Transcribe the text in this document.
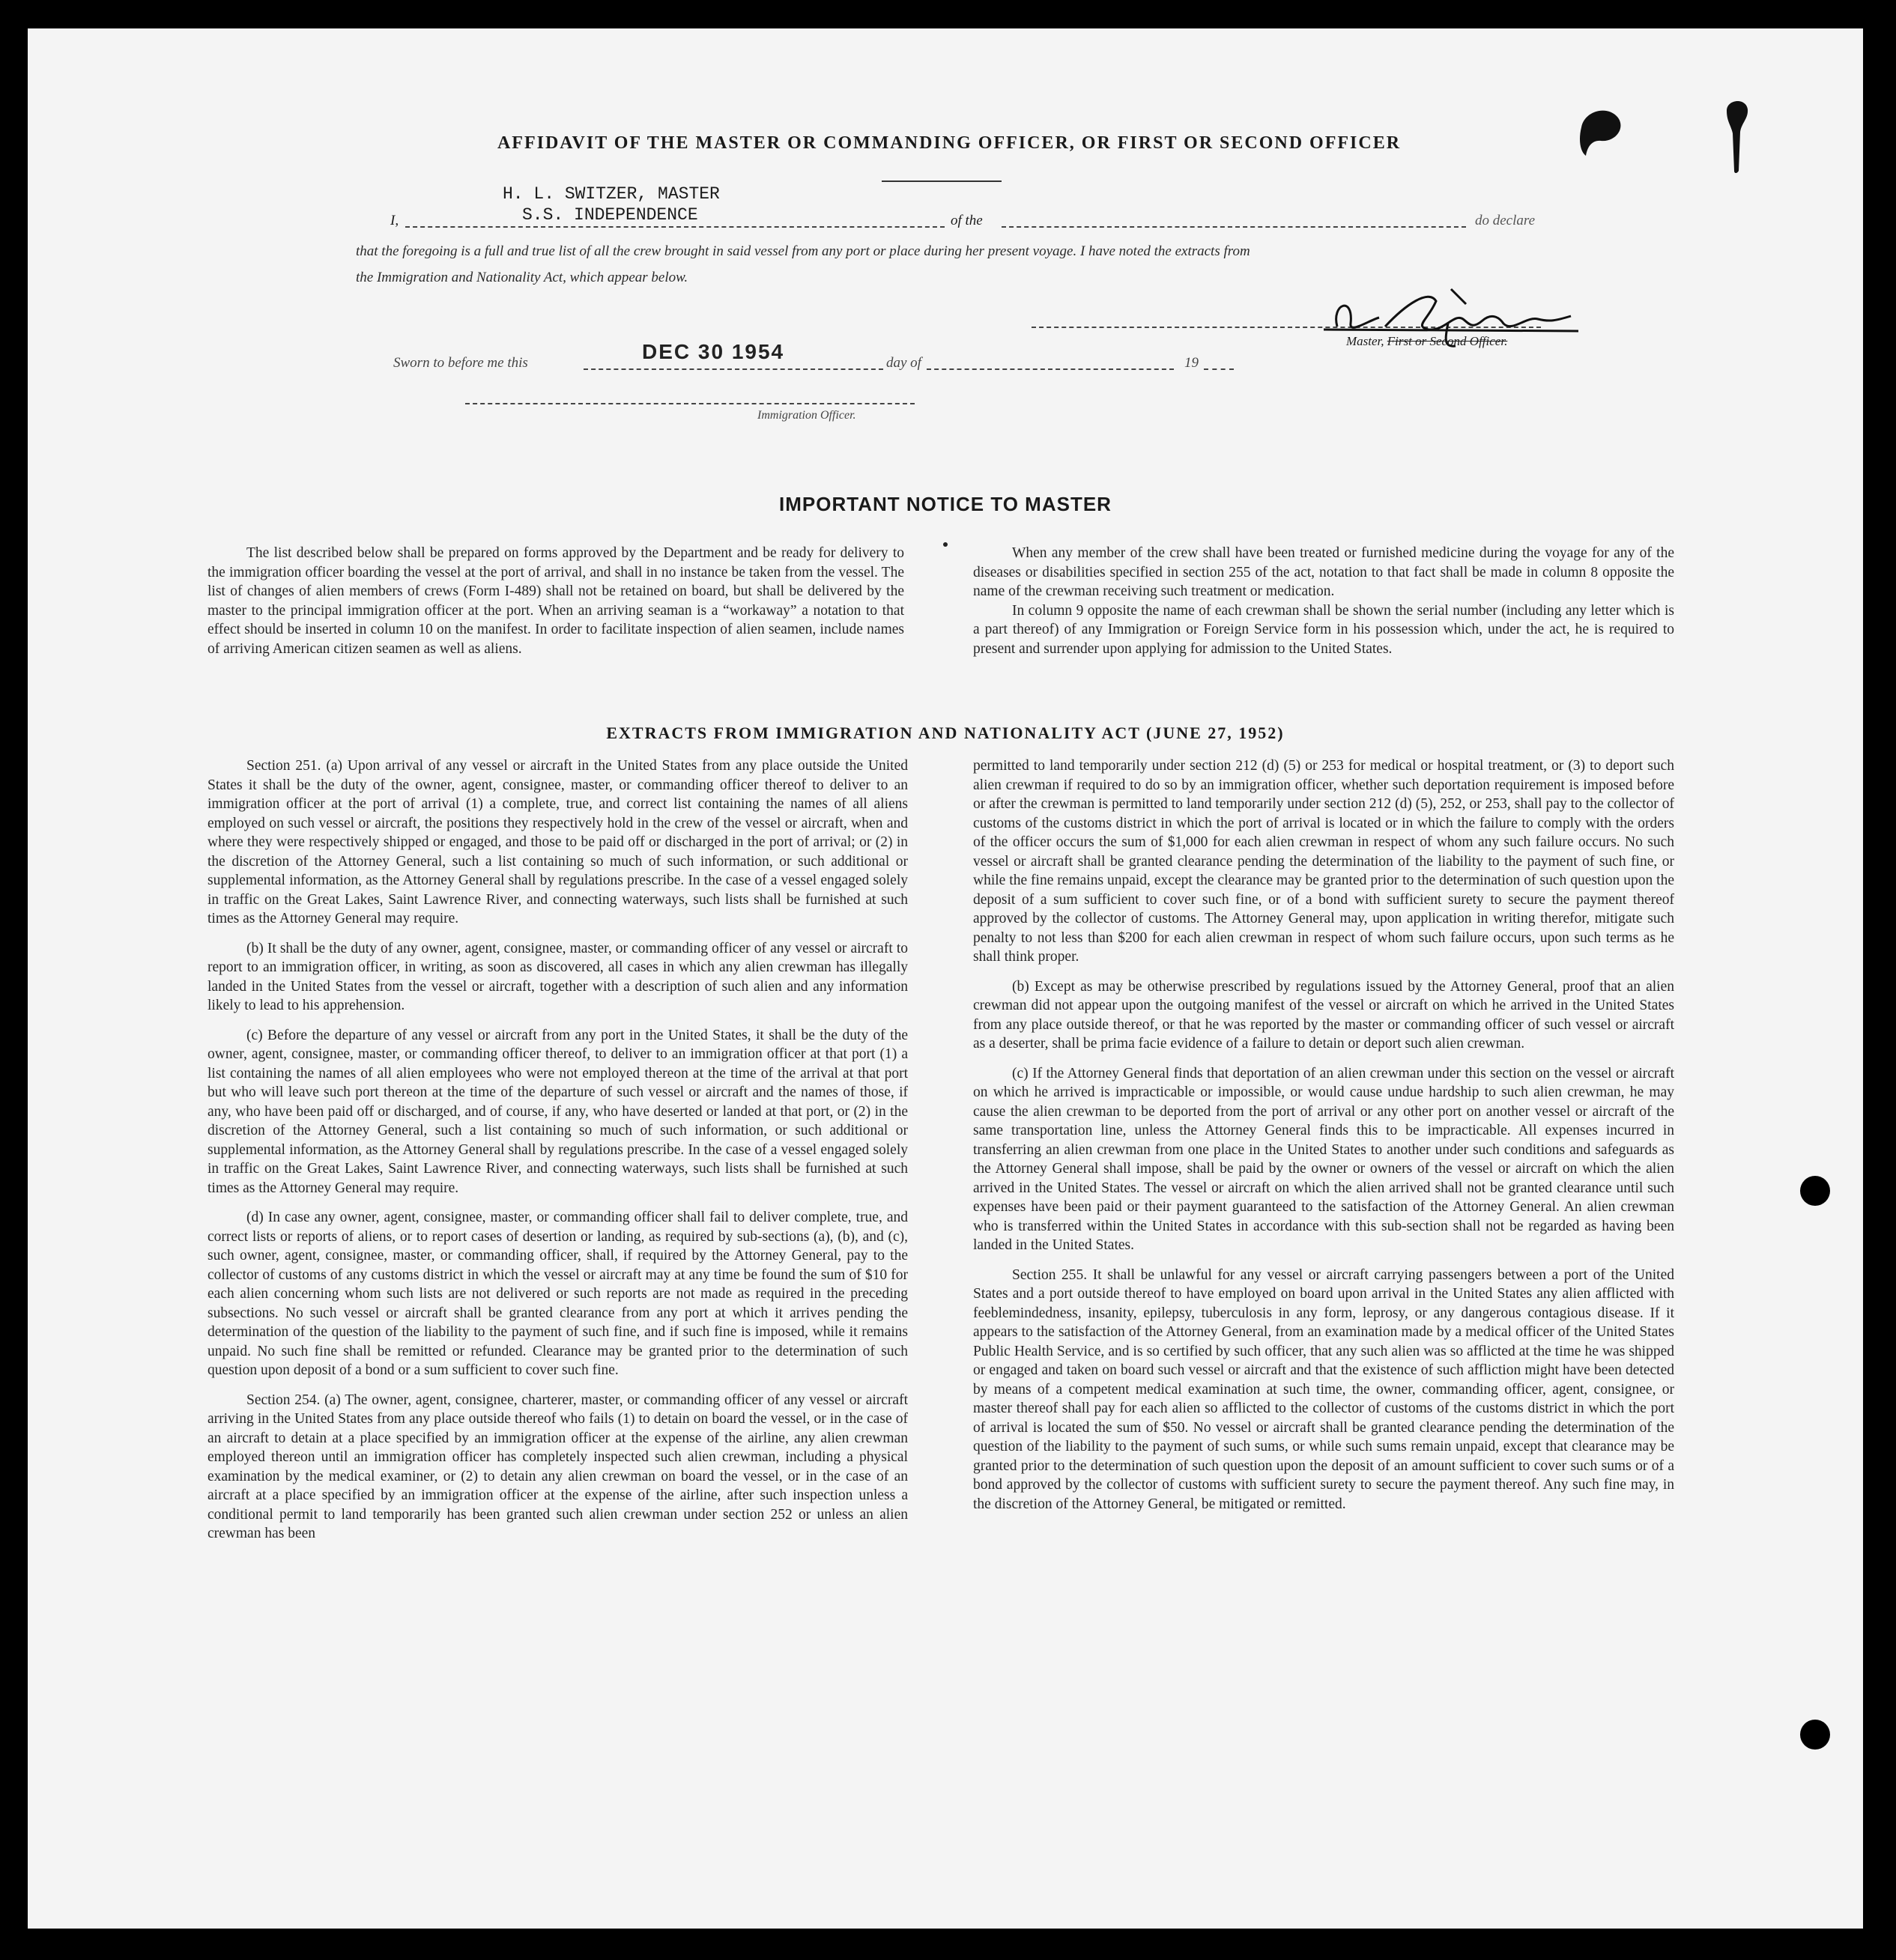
AFFIDAVIT OF THE MASTER OR COMMANDING OFFICER, OR FIRST OR SECOND OFFICER
H. L. SWITZER, MASTER
S.S. INDEPENDENCE
I,	of the	do declare
that the foregoing is a full and true list of all the crew brought in said vessel from any port or place during her present voyage. I have noted the extracts from
the Immigration and Nationality Act, which appear below.
Master, First or Second Officer.
Sworn to before me this	DEC 30 1954	day of	19
Immigration Officer.
IMPORTANT NOTICE TO MASTER

The list described below shall be prepared on forms approved by the Department and be ready for delivery to the immigration officer boarding the vessel at the port of arrival, and shall in no instance be taken from the vessel. The list of changes of alien members of crews (Form I-489) shall not be retained on board, but shall be delivered by the master to the principal immigration officer at the port. When an arriving seaman is a “workaway” a notation to that effect should be inserted in column 10 on the manifest. In order to facilitate inspection of alien seamen, include names of arriving American citizen seamen as well as aliens.

When any member of the crew shall have been treated or furnished medicine during the voyage for any of the diseases or disabilities specified in section 255 of the act, notation to that fact shall be made in column 8 opposite the name of the crewman receiving such treatment or medication.

In column 9 opposite the name of each crewman shall be shown the serial number (including any letter which is a part thereof) of any Immigration or Foreign Service form in his possession which, under the act, he is required to present and surrender upon applying for admission to the United States.

EXTRACTS FROM IMMIGRATION AND NATIONALITY ACT (JUNE 27, 1952)

Section 251. (a) Upon arrival of any vessel or aircraft in the United States from any place outside the United States it shall be the duty of the owner, agent, consignee, master, or commanding officer thereof to deliver to an immigration officer at the port of arrival (1) a complete, true, and correct list containing the names of all aliens employed on such vessel or aircraft, the positions they respectively hold in the crew of the vessel or aircraft, when and where they were respectively shipped or engaged, and those to be paid off or discharged in the port of arrival; or (2) in the discretion of the Attorney General, such a list containing so much of such information, or such additional or supplemental information, as the Attorney General shall by regulations prescribe. In the case of a vessel engaged solely in traffic on the Great Lakes, Saint Lawrence River, and connecting waterways, such lists shall be furnished at such times as the Attorney General may require.

(b) It shall be the duty of any owner, agent, consignee, master, or commanding officer of any vessel or aircraft to report to an immigration officer, in writing, as soon as discovered, all cases in which any alien crewman has illegally landed in the United States from the vessel or aircraft, together with a description of such alien and any information likely to lead to his apprehension.

(c) Before the departure of any vessel or aircraft from any port in the United States, it shall be the duty of the owner, agent, consignee, master, or commanding officer thereof, to deliver to an immigration officer at that port (1) a list containing the names of all alien employees who were not employed thereon at the time of the arrival at that port but who will leave such port thereon at the time of the departure of such vessel or aircraft and the names of those, if any, who have been paid off or discharged, and of course, if any, who have deserted or landed at that port, or (2) in the discretion of the Attorney General, such a list containing so much of such information, or such additional or supplemental information, as the Attorney General shall by regulations prescribe. In the case of a vessel engaged solely in traffic on the Great Lakes, Saint Lawrence River, and connecting waterways, such lists shall be furnished at such times as the Attorney General may require.

(d) In case any owner, agent, consignee, master, or commanding officer shall fail to deliver complete, true, and correct lists or reports of aliens, or to report cases of desertion or landing, as required by sub-sections (a), (b), and (c), such owner, agent, consignee, master, or commanding officer, shall, if required by the Attorney General, pay to the collector of customs of any customs district in which the vessel or aircraft may at any time be found the sum of $10 for each alien concerning whom such lists are not delivered or such reports are not made as required in the preceding subsections. No such vessel or aircraft shall be granted clearance from any port at which it arrives pending the determination of the question of the liability to the payment of such fine, and if such fine is imposed, while it remains unpaid. No such fine shall be remitted or refunded. Clearance may be granted prior to the determination of such question upon deposit of a bond or a sum sufficient to cover such fine.

Section 254. (a) The owner, agent, consignee, charterer, master, or commanding officer of any vessel or aircraft arriving in the United States from any place outside thereof who fails (1) to detain on board the vessel, or in the case of an aircraft to detain at a place specified by an immigration officer at the expense of the airline, any alien crewman employed thereon until an immigration officer has completely inspected such alien crewman, including a physical examination by the medical examiner, or (2) to detain any alien crewman on board the vessel, or in the case of an aircraft at a place specified by an immigration officer at the expense of the airline, after such inspection unless a conditional permit to land temporarily has been granted such alien crewman under section 252 or unless an alien crewman has been

permitted to land temporarily under section 212 (d) (5) or 253 for medical or hospital treatment, or (3) to deport such alien crewman if required to do so by an immigration officer, whether such deportation requirement is imposed before or after the crewman is permitted to land temporarily under section 212 (d) (5), 252, or 253, shall pay to the collector of customs of the customs district in which the port of arrival is located or in which the failure to comply with the orders of the officer occurs the sum of $1,000 for each alien crewman in respect of whom any such failure occurs. No such vessel or aircraft shall be granted clearance pending the determination of the liability to the payment of such fine, or while the fine remains unpaid, except the clearance may be granted prior to the determination of such question upon the deposit of a sum sufficient to cover such fine, or of a bond with sufficient surety to secure the payment thereof approved by the collector of customs. The Attorney General may, upon application in writing therefor, mitigate such penalty to not less than $200 for each alien crewman in respect of whom such failure occurs, upon such terms as he shall think proper.

(b) Except as may be otherwise prescribed by regulations issued by the Attorney General, proof that an alien crewman did not appear upon the outgoing manifest of the vessel or aircraft on which he arrived in the United States from any place outside thereof, or that he was reported by the master or commanding officer of such vessel or aircraft as a deserter, shall be prima facie evidence of a failure to detain or deport such alien crewman.

(c) If the Attorney General finds that deportation of an alien crewman under this section on the vessel or aircraft on which he arrived is impracticable or impossible, or would cause undue hardship to such alien crewman, he may cause the alien crewman to be deported from the port of arrival or any other port on another vessel or aircraft of the same transportation line, unless the Attorney General finds this to be impracticable. All expenses incurred in transferring an alien crewman from one place in the United States to another under such conditions and safeguards as the Attorney General shall impose, shall be paid by the owner or owners of the vessel or aircraft on which the alien arrived in the United States. The vessel or aircraft on which the alien arrived shall not be granted clearance until such expenses have been paid or their payment guaranteed to the satisfaction of the Attorney General. An alien crewman who is transferred within the United States in accordance with this sub-section shall not be regarded as having been landed in the United States.

Section 255. It shall be unlawful for any vessel or aircraft carrying passengers between a port of the United States and a port outside thereof to have employed on board upon arrival in the United States any alien afflicted with feeblemindedness, insanity, epilepsy, tuberculosis in any form, leprosy, or any dangerous contagious disease. If it appears to the satisfaction of the Attorney General, from an examination made by a medical officer of the United States Public Health Service, and is so certified by such officer, that any such alien was so afflicted at the time he was shipped or engaged and taken on board such vessel or aircraft and that the existence of such affliction might have been detected by means of a competent medical examination at such time, the owner, commanding officer, agent, consignee, or master thereof shall pay for each alien so afflicted to the collector of customs of the customs district in which the port of arrival is located the sum of $50. No vessel or aircraft shall be granted clearance pending the determination of the question of the liability to the payment of such sums, or while such sums remain unpaid, except that clearance may be granted prior to the determination of such question upon the deposit of an amount sufficient to cover such sums or of a bond approved by the collector of customs with sufficient surety to secure the payment thereof. Any such fine may, in the discretion of the Attorney General, be mitigated or remitted.
